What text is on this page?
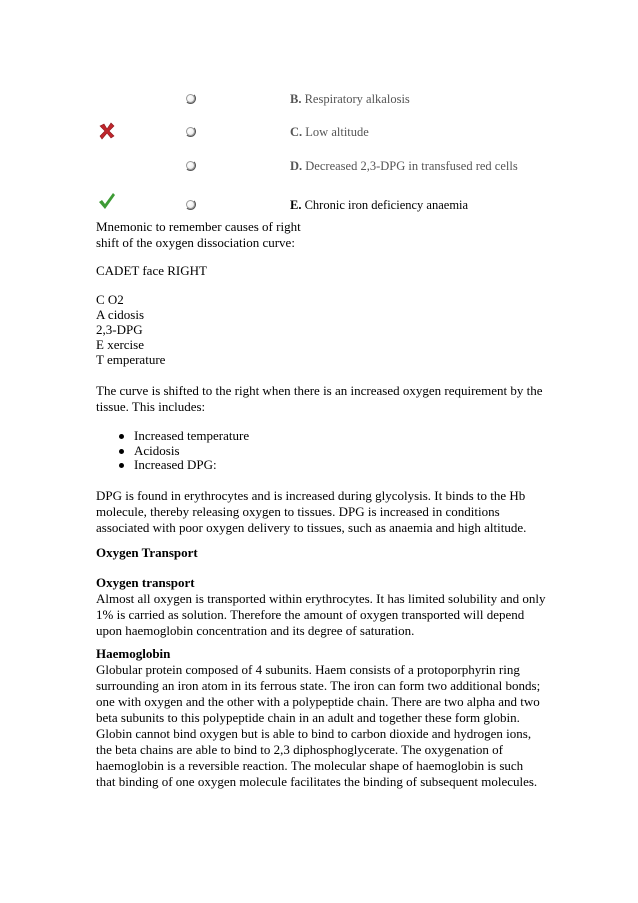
B. Respiratory alkalosis
C. Low altitude
D. Decreased 2,3-DPG in transfused red cells
E. Chronic iron deficiency anaemia

Mnemonic to remember causes of right

shift of the oxygen dissociation curve:

CADET face RIGHT

C O2

A cidosis

2,3-DPG

E xercise

T emperature

The curve is shifted to the right when there is an increased oxygen requirement by the

tissue. This includes:

Increased temperature
Acidosis
Increased DPG:

DPG is found in erythrocytes and is increased during glycolysis. It binds to the Hb

molecule, thereby releasing oxygen to tissues. DPG is increased in conditions

associated with poor oxygen delivery to tissues, such as anaemia and high altitude.

Oxygen Transport

Oxygen transport

Almost all oxygen is transported within erythrocytes. It has limited solubility and only

1% is carried as solution. Therefore the amount of oxygen transported will depend

upon haemoglobin concentration and its degree of saturation.

Haemoglobin

Globular protein composed of 4 subunits. Haem consists of a protoporphyrin ring

surrounding an iron atom in its ferrous state. The iron can form two additional bonds;

one with oxygen and the other with a polypeptide chain. There are two alpha and two

beta subunits to this polypeptide chain in an adult and together these form globin.

Globin cannot bind oxygen but is able to bind to carbon dioxide and hydrogen ions,

the beta chains are able to bind to 2,3 diphosphoglycerate. The oxygenation of

haemoglobin is a reversible reaction. The molecular shape of haemoglobin is such

that binding of one oxygen molecule facilitates the binding of subsequent molecules.
